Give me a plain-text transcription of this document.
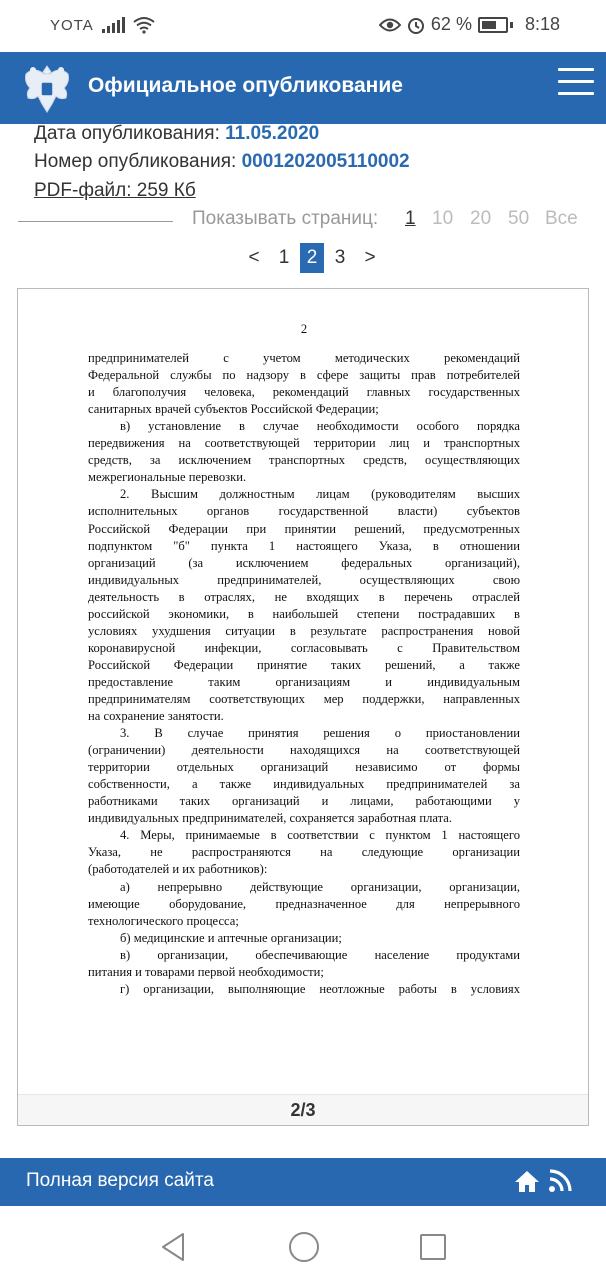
YOTA	62 %	8:18
Официальное опубликование
Дата опубликования: 11.05.2020
Номер опубликования: 0001202005110002
PDF-файл: 259 Кб
Показывать страниц: 1 10 20 50 Все
<	1 2 3	>
2

предпринимателей с учетом методических рекомендаций

Федеральной службы по надзору в сфере защиты прав потребителей

и благополучия человека, рекомендаций главных государственных

санитарных врачей субъектов Российской Федерации;

в) установление в случае необходимости особого порядка

передвижения на соответствующей территории лиц и транспортных

средств, за исключением транспортных средств, осуществляющих

межрегиональные перевозки.

2. Высшим должностным лицам (руководителям высших

исполнительных органов государственной власти) субъектов

Российской Федерации при принятии решений, предусмотренных

подпунктом "б" пункта 1 настоящего Указа, в отношении

организаций (за исключением федеральных организаций),

индивидуальных предпринимателей, осуществляющих свою

деятельность в отраслях, не входящих в перечень отраслей

российской экономики, в наибольшей степени пострадавших в

условиях ухудшения ситуации в результате распространения новой

коронавирусной инфекции, согласовывать с Правительством

Российской Федерации принятие таких решений, а также

предоставление таким организациям и индивидуальным

предпринимателям соответствующих мер поддержки, направленных

на сохранение занятости.

3. В случае принятия решения о приостановлении

(ограничении) деятельности находящихся на соответствующей

территории отдельных организаций независимо от формы

собственности, а также индивидуальных предпринимателей за

работниками таких организаций и лицами, работающими у

индивидуальных предпринимателей, сохраняется заработная плата.

4. Меры, принимаемые в соответствии с пунктом 1 настоящего

Указа, не распространяются на следующие организации

(работодателей и их работников):

а) непрерывно действующие организации, организации,

имеющие оборудование, предназначенное для непрерывного

технологического процесса;

б) медицинские и аптечные организации;

в) организации, обеспечивающие население продуктами

питания и товарами первой необходимости;

г) организации, выполняющие неотложные работы в условиях

2/3
Полная версия сайта
